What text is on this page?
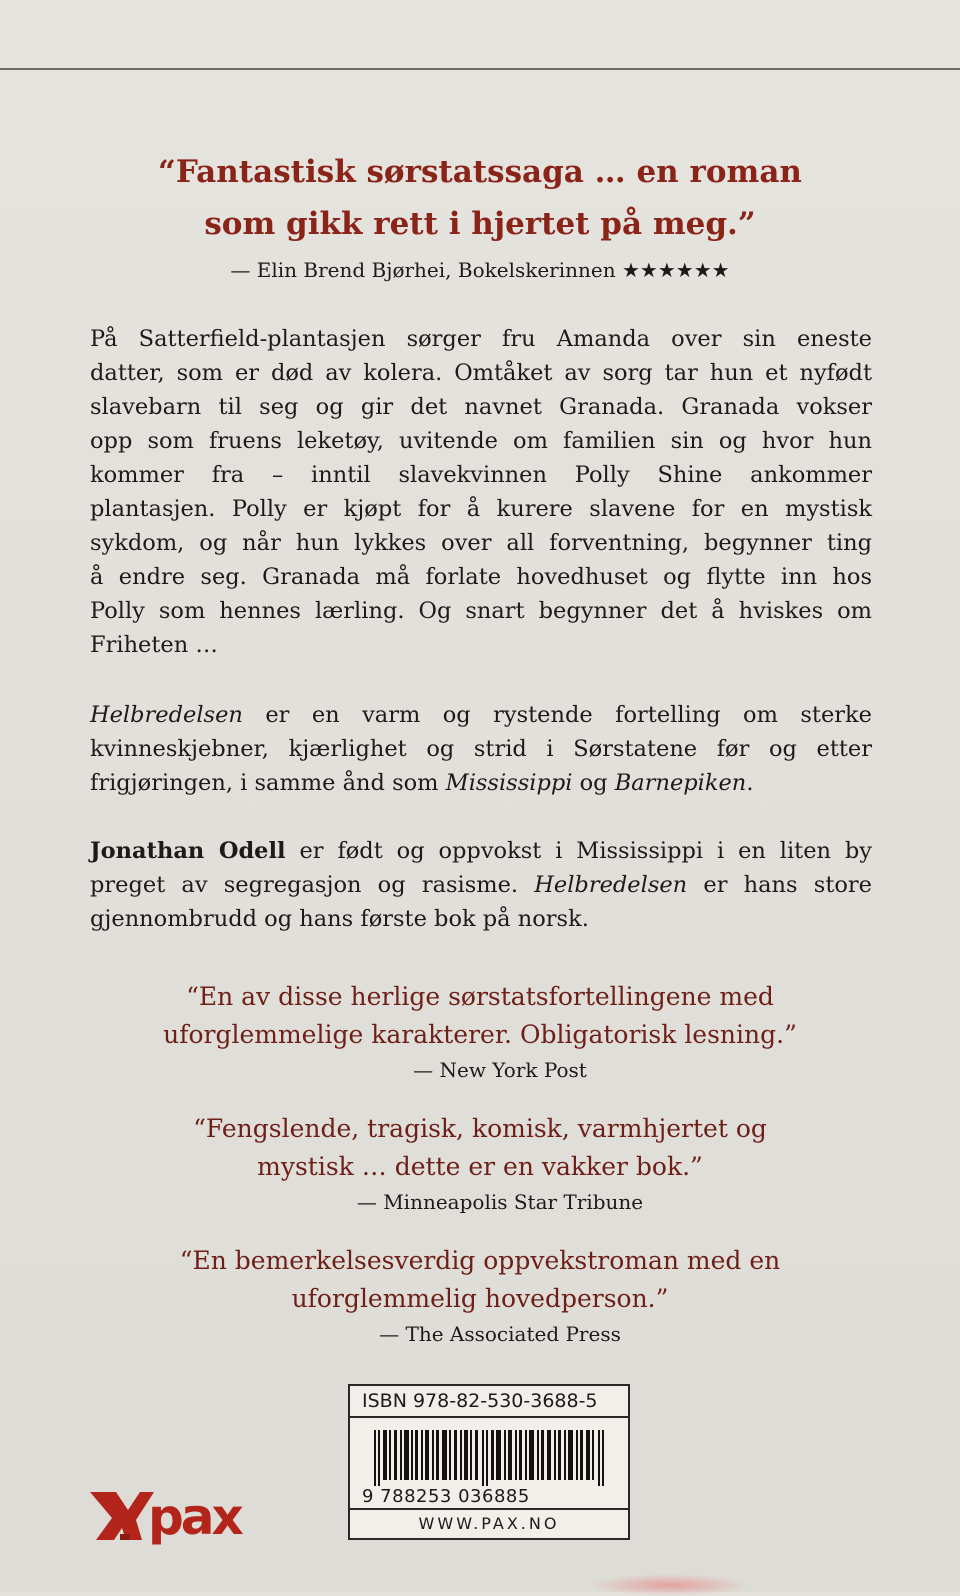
“Fantastisk sørstatssaga … en roman
som gikk rett i hjertet på meg.”
— Elin Brend Bjørhei, Bokelskerinnen ★★★★★★
På Satterfield-plantasjen sørger fru Amanda over sin eneste
datter, som er død av kolera. Omtåket av sorg tar hun et nyfødt
slavebarn til seg og gir det navnet Granada. Granada vokser
opp som fruens leketøy, uvitende om familien sin og hvor hun
kommer fra – inntil slavekvinnen Polly Shine ankommer
plantasjen. Polly er kjøpt for å kurere slavene for en mystisk
sykdom, og når hun lykkes over all forventning, begynner ting
å endre seg. Granada må forlate hovedhuset og flytte inn hos
Polly som hennes lærling. Og snart begynner det å hviskes om
Friheten …
Helbredelsen er en varm og rystende fortelling om sterke
kvinneskjebner, kjærlighet og strid i Sørstatene før og etter
frigjøringen, i samme ånd som Mississippi og Barnepiken.
Jonathan Odell er født og oppvokst i Mississippi i en liten by
preget av segregasjon og rasisme. Helbredelsen er hans store
gjennombrudd og hans første bok på norsk.
“En av disse herlige sørstatsfortellingene med
uforglemmelige karakterer. Obligatorisk lesning.”
— New York Post
“Fengslende, tragisk, komisk, varmhjertet og
mystisk … dette er en vakker bok.”
— Minneapolis Star Tribune
“En bemerkelsesverdig oppvekstroman med en
uforglemmelig hovedperson.”
— The Associated Press
ISBN 978-82-530-3688-5
9 788253 036885
WWW.PAX.NO
pax
